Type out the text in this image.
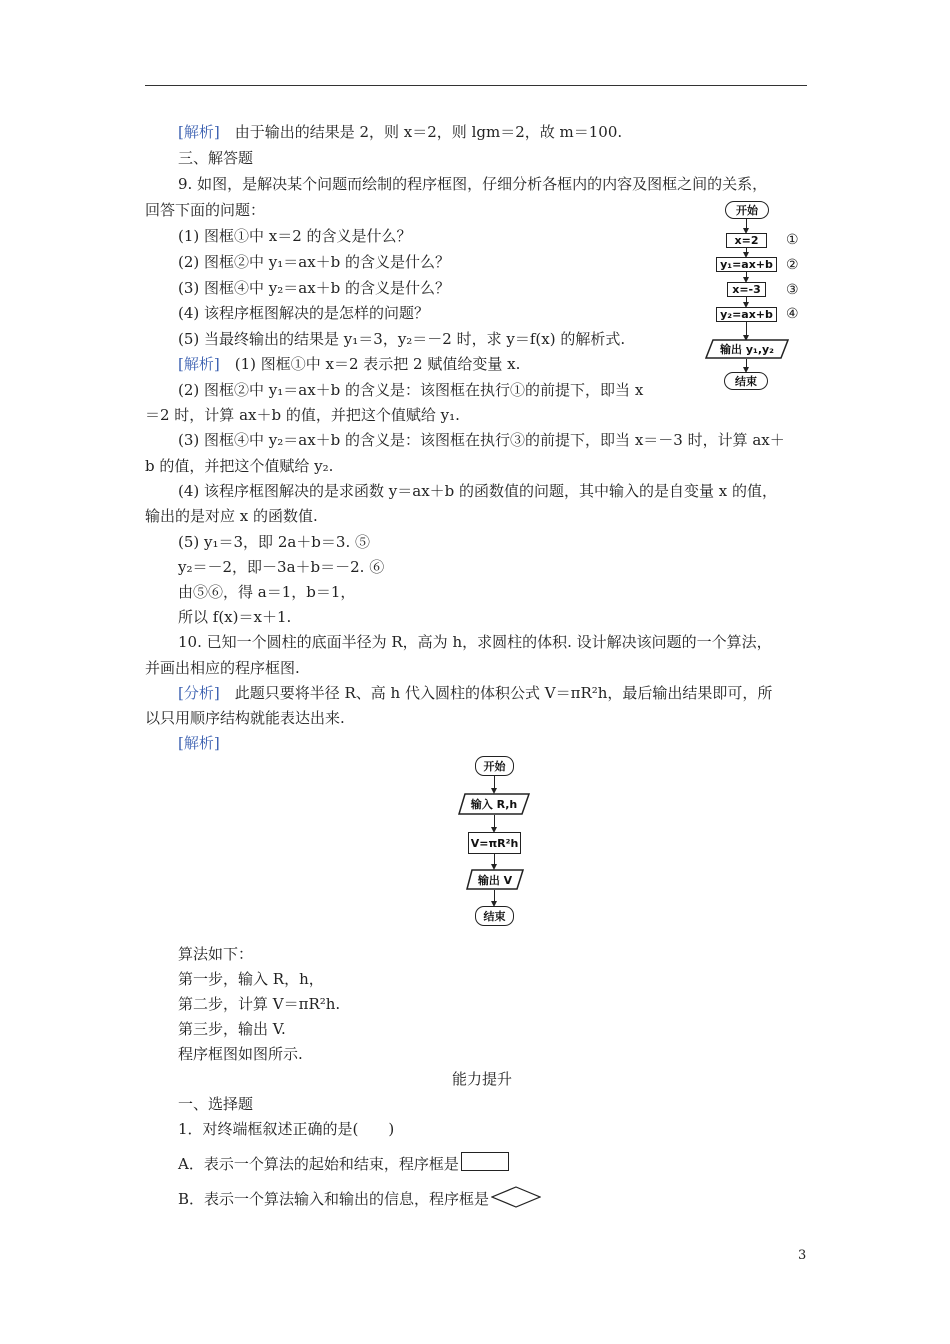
[解析]　由于输出的结果是 2，则 x＝2，则 lgm＝2，故 m＝100.
三、解答题
9. 如图，是解决某个问题而绘制的程序框图，仔细分析各框内的内容及图框之间的关系，
回答下面的问题：
(1) 图框①中 x＝2 的含义是什么？
(2) 图框②中 y₁＝ax＋b 的含义是什么？
(3) 图框④中 y₂＝ax＋b 的含义是什么？
(4) 该程序框图解决的是怎样的问题？
(5) 当最终输出的结果是 y₁＝3，y₂＝－2 时，求 y＝f(x) 的解析式.
[解析]　(1) 图框①中 x＝2 表示把 2 赋值给变量 x.
(2) 图框②中 y₁＝ax＋b 的含义是：该图框在执行①的前提下，即当 x
＝2 时，计算 ax＋b 的值，并把这个值赋给 y₁.
(3) 图框④中 y₂＝ax＋b 的含义是：该图框在执行③的前提下，即当 x＝－3 时，计算 ax＋
b 的值，并把这个值赋给 y₂.
(4) 该程序框图解决的是求函数 y＝ax＋b 的函数值的问题，其中输入的是自变量 x 的值，
输出的是对应 x 的函数值.
(5) y₁＝3，即 2a＋b＝3. ⑤
y₂＝－2，即－3a＋b＝－2. ⑥
由⑤⑥，得 a＝1，b＝1，
所以 f(x)＝x＋1.
开始
x=2	①
y₁=ax+b ②
x=-3	③
y₂=ax+b ④
输出 y₁,y₂
结束
10. 已知一个圆柱的底面半径为 R，高为 h，求圆柱的体积. 设计解决该问题的一个算法，
并画出相应的程序框图.
[分析]　此题只要将半径 R、高 h 代入圆柱的体积公式 V＝πR²h，最后输出结果即可，所
以只用顺序结构就能表达出来.
[解析]
开始
输入 R,h
V=πR²h
输出 V
结束
算法如下：
第一步，输入 R，h，
第二步，计算 V＝πR²h.
第三步，输出 V.
程序框图如图所示.
能力提升
一、选择题
1．对终端框叙述正确的是(　　)
A．表示一个算法的起始和结束，程序框是
B．表示一个算法输入和输出的信息，程序框是
3
